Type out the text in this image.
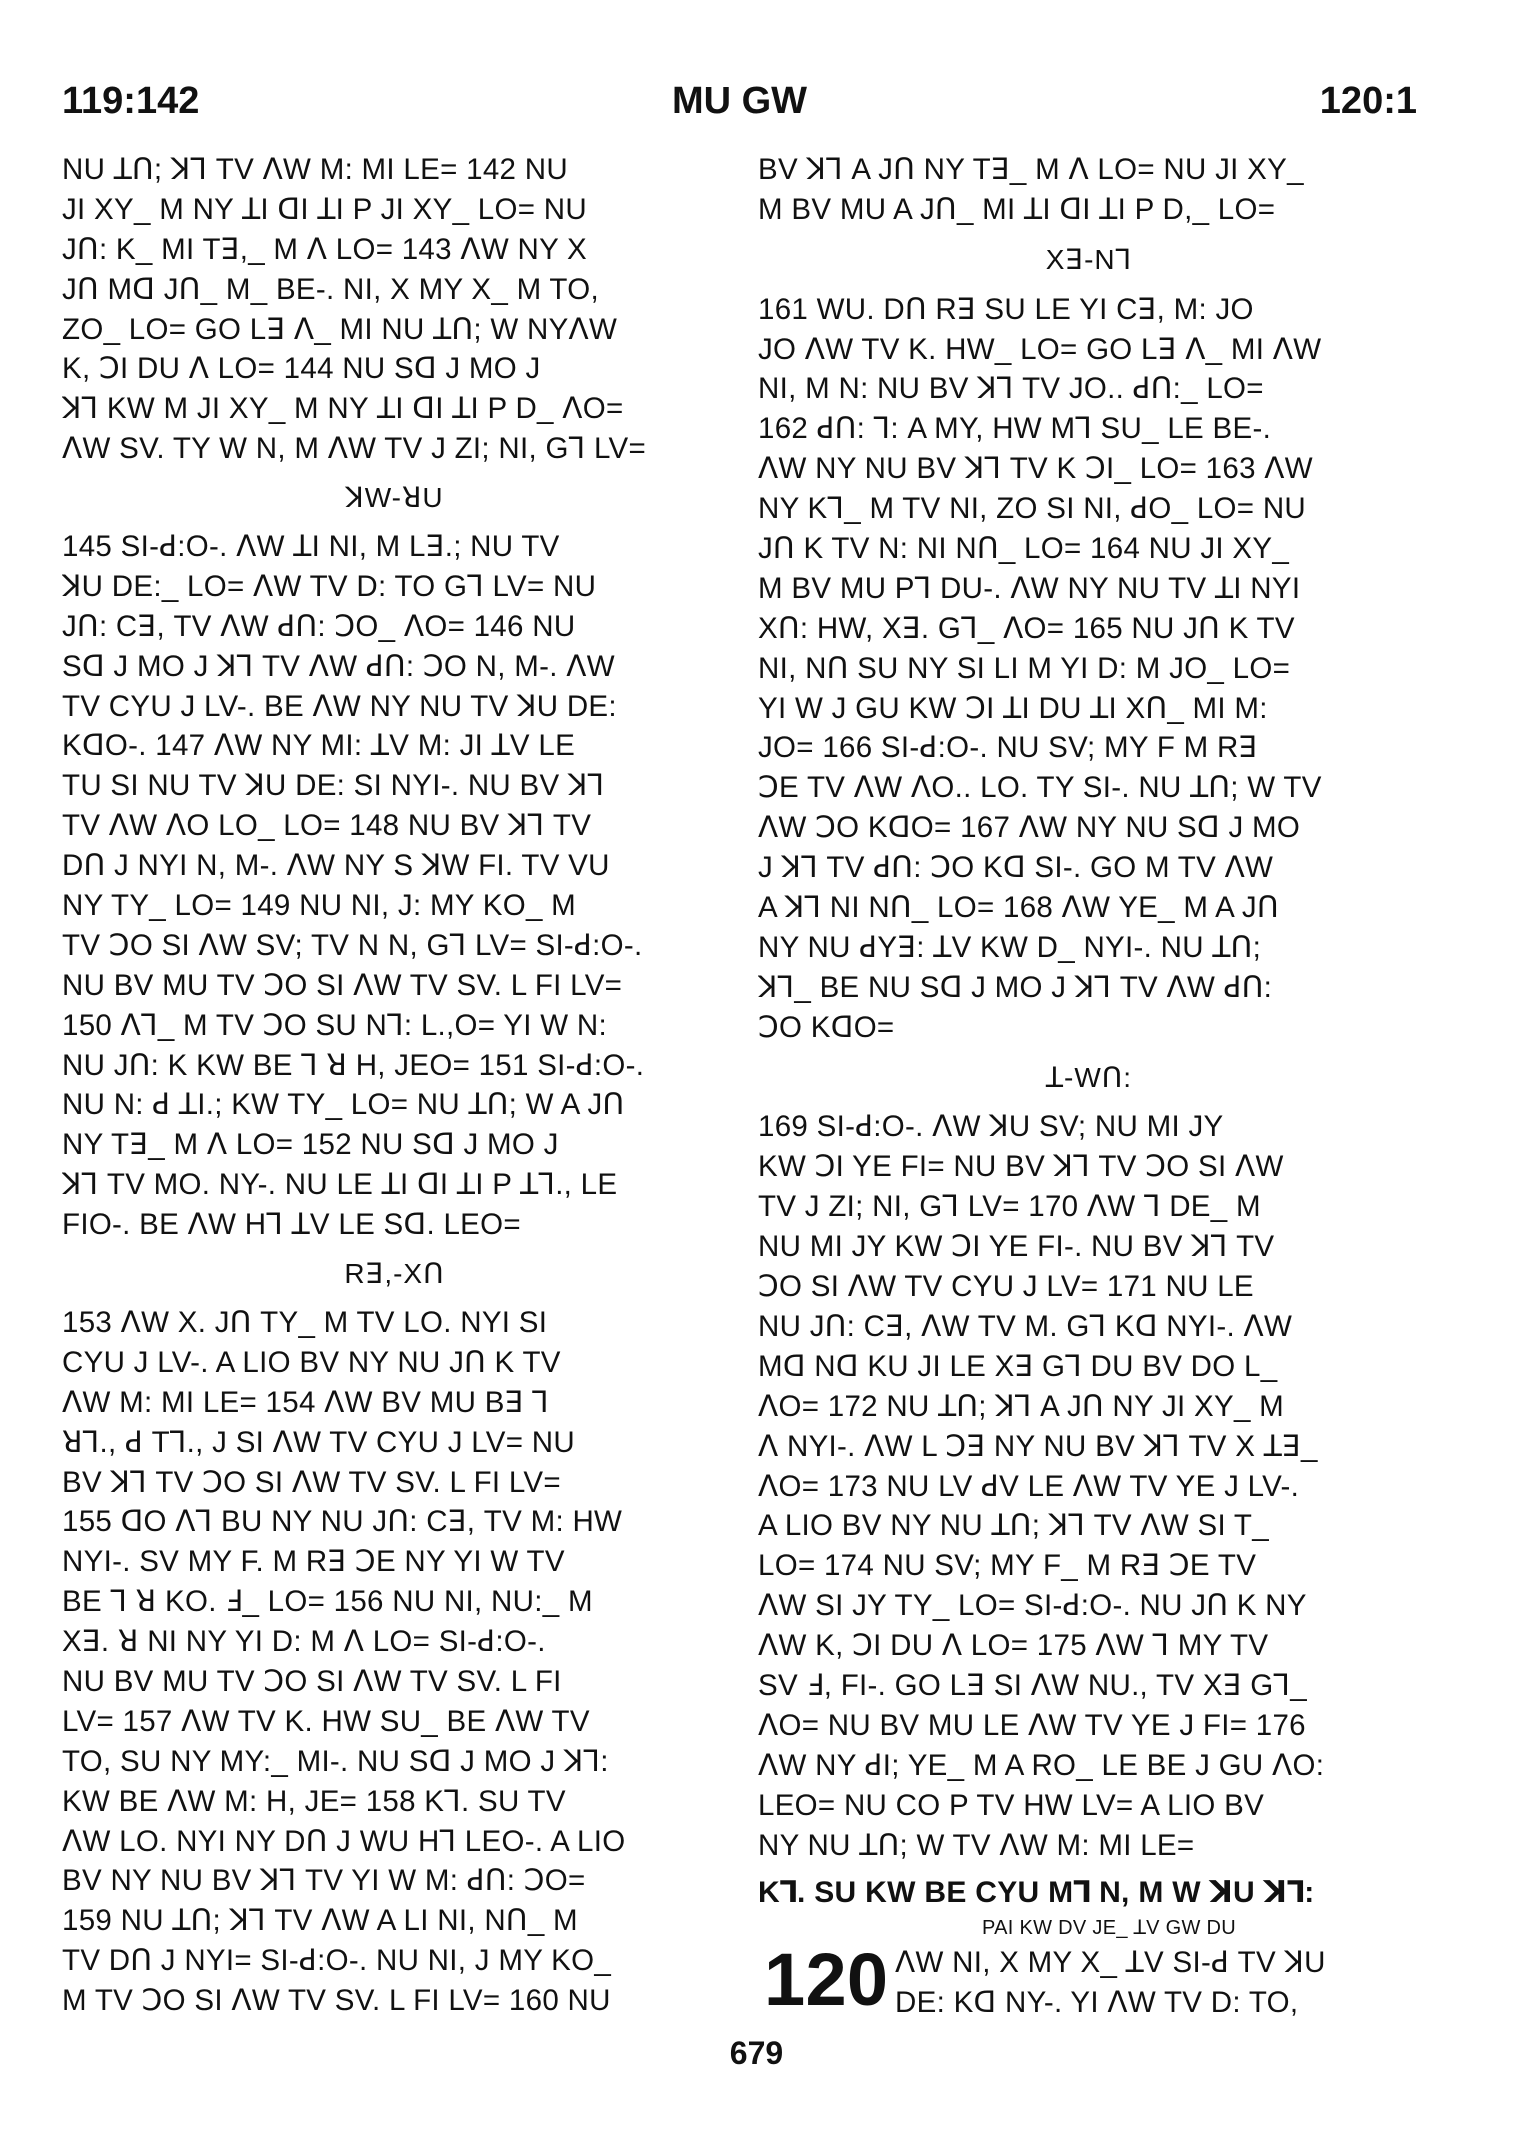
119:142	MU GW	120:1
NU ꓕꓵ; ꓘꓶ TV ꓥW M: MI LE= 142 NU
JI XY_ M NY ꓕI ꓷI ꓕI P JI XY_ LO= NU
Jꓵ: K_ MI Tꓱ,_ M ꓥ LO= 143 ꓥW NY X
Jꓵ Mꓷ Jꓵ_ M_ BE-. NI, X MY X_ M TO,
ZO_ LO= GO Lꓱ ꓥ_ MI NU ꓕꓵ; W NYꓥW
K, ꓛI DU ꓥ LO= 144 NU Sꓷ J MO J
ꓘꓶ KW M JI XY_ M NY ꓕI ꓷI ꓕI P D_ ꓥO=
ꓥW SV. TY W N, M ꓥW TV J ZI; NI, Gꓶ LV=
ꓘW-ꓤU
145 SI-ꓒ:O-. ꓥW ꓕI NI, M Lꓱ.; NU TV
ꓘU DE:_ LO= ꓥW TV D: TO Gꓶ LV= NU
Jꓵ: Cꓱ, TV ꓥW ꓒꓵ: ꓛO_ ꓥO= 146 NU
Sꓷ J MO J ꓘꓶ TV ꓥW ꓒꓵ: ꓛO N, M-. ꓥW
TV CYU J LV-. BE ꓥW NY NU TV ꓘU DE:
KꓷO-. 147 ꓥW NY MI: ꓕV M: JI ꓕV LE
TU SI NU TV ꓘU DE: SI NYI-. NU BV ꓘꓶ
TV ꓥW ꓥO LO_ LO= 148 NU BV ꓘꓶ TV
Dꓵ J NYI N, M-. ꓥW NY S ꓘW FI. TV VU
NY TY_ LO= 149 NU NI, J: MY KO_ M
TV ꓛO SI ꓥW SV; TV N N, Gꓶ LV= SI-ꓒ:O-.
NU BV MU TV ꓛO SI ꓥW TV SV. L FI LV=
150 ꓥꓶ_ M TV ꓛO SU Nꓶ: L.,O= YI W N:
NU Jꓵ: K KW BE ꓶ ꓤ H, JEO= 151 SI-ꓒ:O-.
NU N: ꓒ ꓕI.; KW TY_ LO= NU ꓕꓵ; W A Jꓵ
NY Tꓱ_ M ꓥ LO= 152 NU Sꓷ J MO J
ꓘꓶ TV MO. NY-. NU LE ꓕI ꓷI ꓕI P ꓕꓶ., LE
FIO-. BE ꓥW Hꓶ ꓕV LE Sꓷ. LEO=
Rꓱ,-Xꓵ
153 ꓥW X. Jꓵ TY_ M TV LO. NYI SI
CYU J LV-. A LIO BV NY NU Jꓵ K TV
ꓥW M: MI LE= 154 ꓥW BV MU Bꓱ ꓶ
ꓤꓶ., ꓒ Tꓶ., J SI ꓥW TV CYU J LV= NU
BV ꓘꓶ TV ꓛO SI ꓥW TV SV. L FI LV=
155 ꓷO ꓥꓶ BU NY NU Jꓵ: Cꓱ, TV M: HW
NYI-. SV MY F. M Rꓱ ꓛE NY YI W TV
BE ꓶ ꓤ KO. ꓞ_ LO= 156 NU NI, NU:_ M
Xꓱ. ꓤ NI NY YI D: M ꓥ LO= SI-ꓒ:O-.
NU BV MU TV ꓛO SI ꓥW TV SV. L FI
LV= 157 ꓥW TV K. HW SU_ BE ꓥW TV
TO, SU NY MY:_ MI-. NU Sꓷ J MO J ꓘꓶ:
KW BE ꓥW M: H, JE= 158 Kꓶ. SU TV
ꓥW LO. NYI NY Dꓵ J WU Hꓶ LEO-. A LIO
BV NY NU BV ꓘꓶ TV YI W M: ꓒꓵ: ꓛO=
159 NU ꓕꓵ; ꓘꓶ TV ꓥW A LI NI, Nꓵ_ M
TV Dꓵ J NYI= SI-ꓒ:O-. NU NI, J MY KO_
M TV ꓛO SI ꓥW TV SV. L FI LV= 160 NU
BV ꓘꓶ A Jꓵ NY Tꓱ_ M ꓥ LO= NU JI XY_
M BV MU A Jꓵ_ MI ꓕI ꓷI ꓕI P D,_ LO=
Xꓱ-Nꓶ
161 WU. Dꓵ Rꓱ SU LE YI Cꓱ, M: JO
JO ꓥW TV K. HW_ LO= GO Lꓱ ꓥ_ MI ꓥW
NI, M N: NU BV ꓘꓶ TV JO.. ꓒꓵ:_ LO=
162 ꓒꓵ: ꓶ: A MY, HW Mꓶ SU_ LE BE-.
ꓥW NY NU BV ꓘꓶ TV K ꓛI_ LO= 163 ꓥW
NY Kꓶ_ M TV NI, ZO SI NI, ꓒO_ LO= NU
Jꓵ K TV N: NI Nꓵ_ LO= 164 NU JI XY_
M BV MU Pꓶ DU-. ꓥW NY NU TV ꓕI NYI
Xꓵ: HW, Xꓱ. Gꓶ_ ꓥO= 165 NU Jꓵ K TV
NI, Nꓵ SU NY SI LI M YI D: M JO_ LO=
YI W J GU KW ꓛI ꓕI DU ꓕI Xꓵ_ MI M:
JO= 166 SI-ꓒ:O-. NU SV; MY F M Rꓱ
ꓛE TV ꓥW ꓥO.. LO. TY SI-. NU ꓕꓵ; W TV
ꓥW ꓛO KꓷO= 167 ꓥW NY NU Sꓷ J MO
J ꓘꓶ TV ꓒꓵ: ꓛO Kꓷ SI-. GO M TV ꓥW
A ꓘꓶ NI Nꓵ_ LO= 168 ꓥW YE_ M A Jꓵ
NY NU ꓒYꓱ: ꓕV KW D_ NYI-. NU ꓕꓵ;
ꓘꓶ_ BE NU Sꓷ J MO J ꓘꓶ TV ꓥW ꓒꓵ:
ꓛO KꓷO=
ꓕ-Wꓵ:
169 SI-ꓒ:O-. ꓥW ꓘU SV; NU MI JY
KW ꓛI YE FI= NU BV ꓘꓶ TV ꓛO SI ꓥW
TV J ZI; NI, Gꓶ LV= 170 ꓥW ꓶ DE_ M
NU MI JY KW ꓛI YE FI-. NU BV ꓘꓶ TV
ꓛO SI ꓥW TV CYU J LV= 171 NU LE
NU Jꓵ: Cꓱ, ꓥW TV M. Gꓶ Kꓷ NYI-. ꓥW
Mꓷ Nꓷ KU JI LE Xꓱ Gꓶ DU BV DO L_
ꓥO= 172 NU ꓕꓵ; ꓘꓶ A Jꓵ NY JI XY_ M
ꓥ NYI-. ꓥW L ꓛꓱ NY NU BV ꓘꓶ TV X ꓕꓱ_
ꓥO= 173 NU LV ꓒV LE ꓥW TV YE J LV-.
A LIO BV NY NU ꓕꓵ; ꓘꓶ TV ꓥW SI T_
LO= 174 NU SV; MY F_ M Rꓱ ꓛE TV
ꓥW SI JY TY_ LO= SI-ꓒ:O-. NU Jꓵ K NY
ꓥW K, ꓛI DU ꓥ LO= 175 ꓥW ꓶ MY TV
SV ꓞ, FI-. GO Lꓱ SI ꓥW NU., TV Xꓱ Gꓶ_
ꓥO= NU BV MU LE ꓥW TV YE J FI= 176
ꓥW NY ꓒI; YE_ M A RO_ LE BE J GU ꓥO:
LEO= NU CO P TV HW LV= A LIO BV
NY NU ꓕꓵ; W TV ꓥW M: MI LE=
Kꓶ. SU KW BE CYU Mꓶ N, M W ꓘU ꓘꓶ:
PAI KW DV JE_ ꓕV GW DU
120 ꓥW NI, X MY X_ ꓕV SI-ꓒ TV ꓘU
DE: Kꓷ NY-. YI ꓥW TV D: TO,
679
